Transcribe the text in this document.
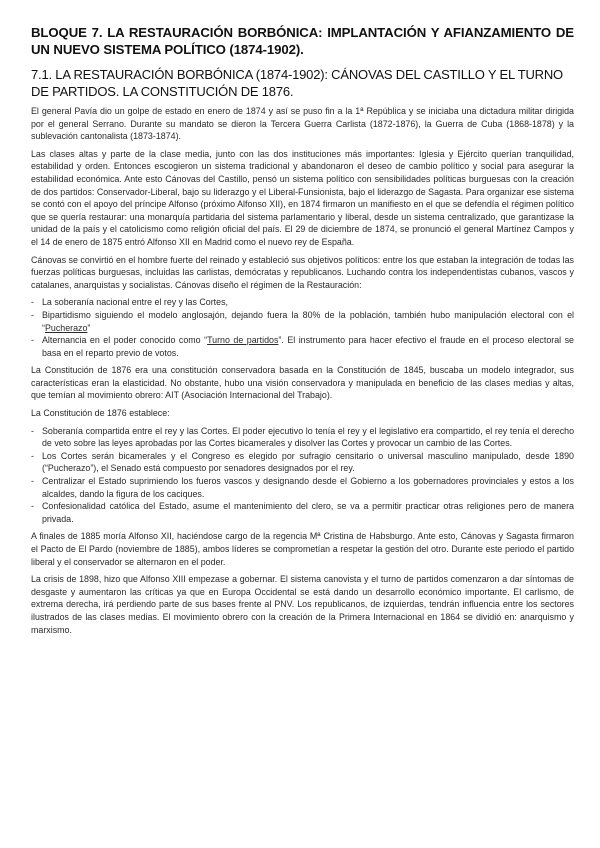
BLOQUE 7. LA RESTAURACIÓN BORBÓNICA: IMPLANTACIÓN Y AFIANZAMIENTO DE UN NUEVO SISTEMA POLÍTICO (1874-1902).
7.1. LA RESTAURACIÓN BORBÓNICA (1874-1902): CÁNOVAS DEL CASTILLO Y EL TURNO DE PARTIDOS. LA CONSTITUCIÓN DE 1876.

El general Pavía dio un golpe de estado en enero de 1874 y así se puso fin a la 1ª República y se iniciaba una dictadura militar dirigida por el general Serrano. Durante su mandato se dieron la Tercera Guerra Carlista (1872-1876), la Guerra de Cuba (1868-1878) y la sublevación cantonalista (1873-1874).

Las clases altas y parte de la clase media, junto con las dos instituciones más importantes: Iglesia y Ejército querían tranquilidad, estabilidad y orden. Entonces escogieron un sistema tradicional y abandonaron el deseo de cambio político y social para asegurar la estabilidad económica. Ante esto Cánovas del Castillo, pensó un sistema político con sensibilidades políticas burguesas con la creación de dos partidos: Conservador-Liberal, bajo su liderazgo y el Liberal-Funsionista, bajo el liderazgo de Sagasta. Para organizar ese sistema se contó con el apoyo del príncipe Alfonso (próximo Alfonso XII), en 1874 firmaron un manifiesto en el que se defendía el régimen político que se quería restaurar: una monarquía partidaria del sistema parlamentario y liberal, desde un sistema centralizado, que garantizase la unidad de la país y el catolicismo como religión oficial del país. El 29 de diciembre de 1874, se pronunció el general Martínez Campos y el 14 de enero de 1875 entró Alfonso XII en Madrid como el nuevo rey de España.

Cánovas se convirtió en el hombre fuerte del reinado y estableció sus objetivos políticos: entre los que estaban la integración de todas las fuerzas políticas burguesas, incluidas las carlistas, demócratas y republicanos. Luchando contra los independentistas cubanos, vascos y catalanes, anarquistas y socialistas. Cánovas diseño el régimen de la Restauración:

- La soberanía nacional entre el rey y las Cortes,
- Bipartidismo siguiendo el modelo anglosajón, dejando fuera la 80% de la población, también hubo manipulación electoral con el “Pucherazo”
- Alternancia en el poder conocido como “Turno de partidos”. El instrumento para hacer efectivo el fraude en el proceso electoral se basa en el reparto previo de votos.

La Constitución de 1876 era una constitución conservadora basada en la Constitución de 1845, buscaba un modelo integrador, sus características eran la elasticidad. No obstante, hubo una visión conservadora y manipulada en beneficio de las clases medias y altas, que temían al movimiento obrero: AIT (Asociación Internacional del Trabajo).

La Constitución de 1876 establece:

- Soberanía compartida entre el rey y las Cortes. El poder ejecutivo lo tenía el rey y el legislativo era compartido, el rey tenía el derecho de veto sobre las leyes aprobadas por las Cortes bicamerales y disolver las Cortes y provocar un cambio de las Cortes.
- Los Cortes serán bicamerales y el Congreso es elegido por sufragio censitario o universal masculino manipulado, desde 1890 (“Pucherazo”), el Senado está compuesto por senadores designados por el rey.
- Centralizar el Estado suprimiendo los fueros vascos y designando desde el Gobierno a los gobernadores provinciales y estos a los alcaldes, dando la figura de los caciques.
- Confesionalidad católica del Estado, asume el mantenimiento del clero, se va a permitir practicar otras religiones pero de manera privada.

A finales de 1885 moría Alfonso XII, haciéndose cargo de la regencia Mª Cristina de Habsburgo. Ante esto, Cánovas y Sagasta firmaron el Pacto de El Pardo (noviembre de 1885), ambos líderes se comprometían a respetar la gestión del otro. Durante este periodo el partido liberal y el conservador se alternaron en el poder.

La crisis de 1898, hizo que Alfonso XIII empezase a gobernar. El sistema canovista y el turno de partidos comenzaron a dar síntomas de desgaste y aumentaron las críticas ya que en Europa Occidental se está dando un desarrollo económico importante. El carlismo, de extrema derecha, irá perdiendo parte de sus bases frente al PNV. Los republicanos, de izquierdas, tendrán influencia entre los sectores ilustrados de las clases medias. El movimiento obrero con la creación de la Primera Internacional en 1864 se dividió en: anarquismo y marxismo.
